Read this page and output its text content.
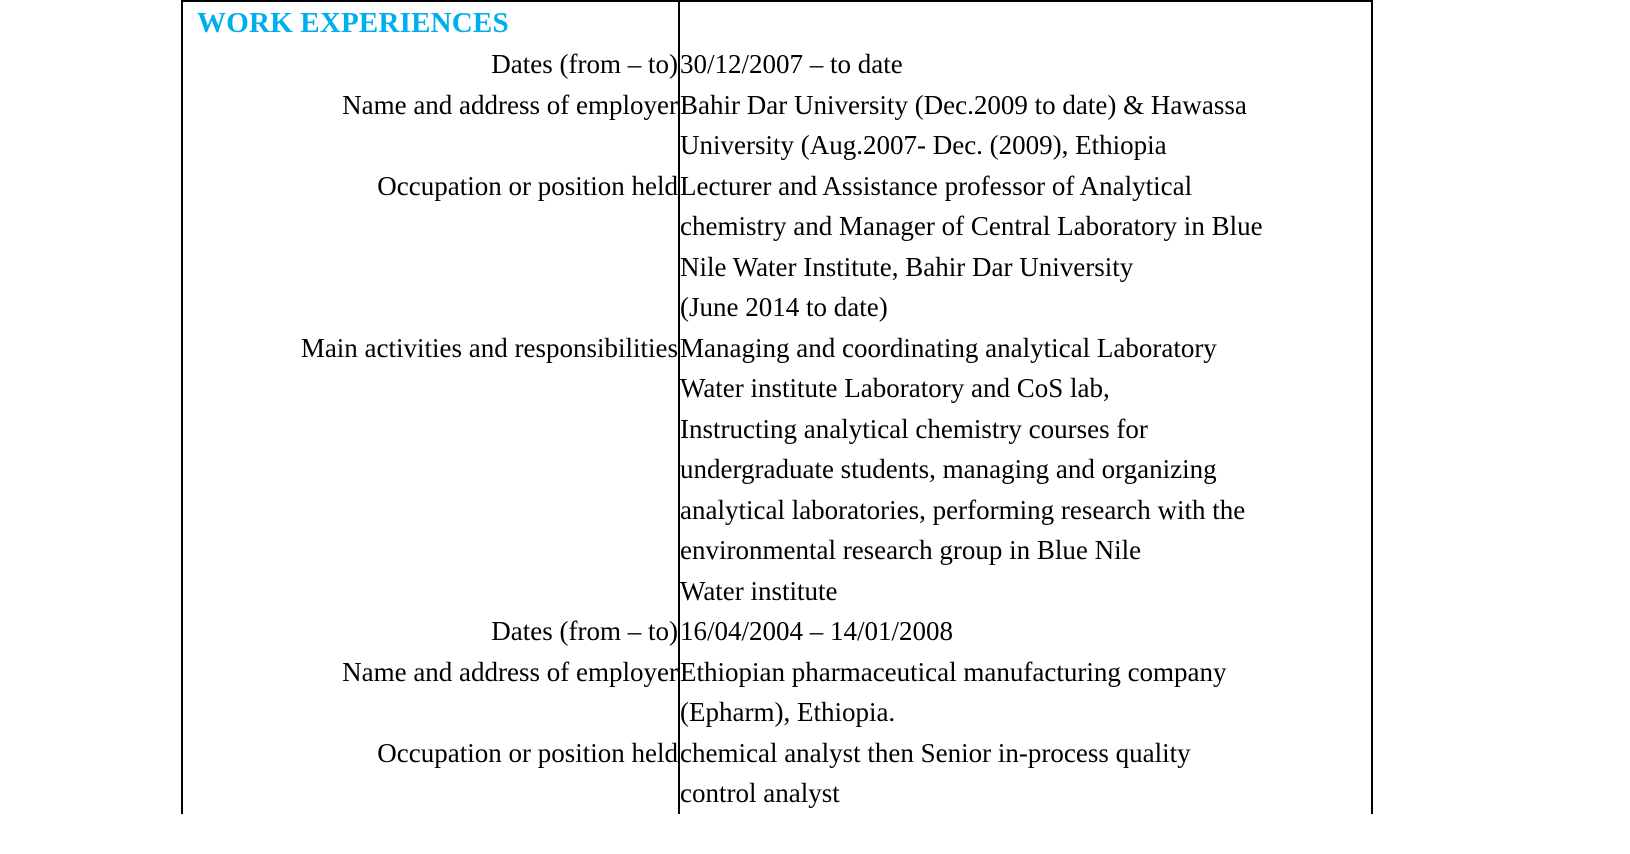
WORK EXPERIENCES	

Dates (from – to)	30/12/2007 – to date

Name and address of employer	Bahir Dar University (Dec.2009 to date) & Hawassa
University (Aug.2007- Dec. (2009), Ethiopia

Occupation or position held	Lecturer and Assistance professor of Analytical
chemistry and Manager of Central Laboratory in Blue
Nile Water Institute, Bahir Dar University
(June 2014 to date)

Main activities and responsibilities	Managing and coordinating analytical Laboratory
Water institute Laboratory and CoS lab,
Instructing analytical chemistry courses for
undergraduate students, managing and organizing
analytical laboratories, performing research with the
environmental research group in Blue Nile
Water institute

Dates (from – to)	16/04/2004 – 14/01/2008

Name and address of employer	Ethiopian pharmaceutical manufacturing company
(Epharm), Ethiopia.

Occupation or position held	chemical analyst then Senior in-process quality
control analyst
